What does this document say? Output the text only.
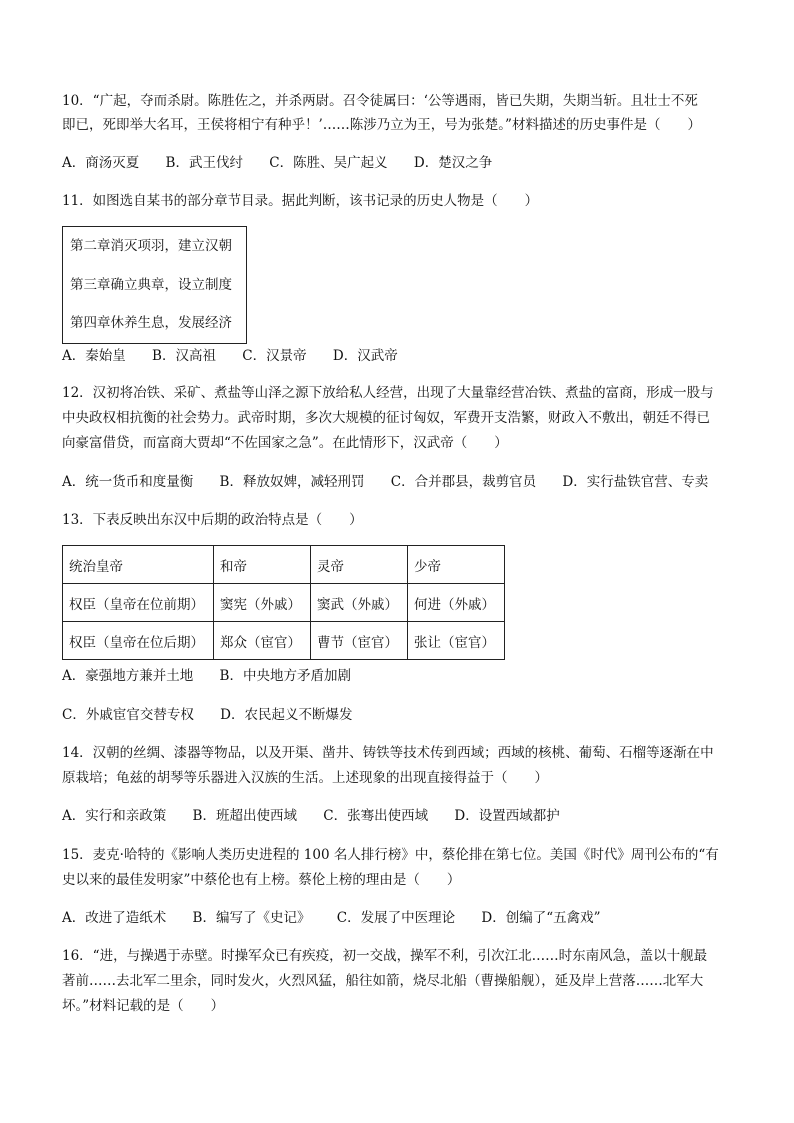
10．“广起，夺而杀尉。陈胜佐之，并杀两尉。召令徒属曰：‘公等遇雨，皆已失期，失期当斩。且壮士不死
即已，死即举大名耳，王侯将相宁有种乎！’……陈涉乃立为王，号为张楚。”材料描述的历史事件是（　　）
A．商汤灭夏 B．武王伐纣 C．陈胜、吴广起义 D．楚汉之争
11．如图选自某书的部分章节目录。据此判断，该书记录的历史人物是（　　）
第二章消灭项羽，建立汉朝
第三章确立典章，设立制度
第四章休养生息，发展经济
A．秦始皇 B．汉高祖 C．汉景帝 D．汉武帝
12．汉初将冶铁、采矿、煮盐等山泽之源下放给私人经营，出现了大量靠经营冶铁、煮盐的富商，形成一股与
中央政权相抗衡的社会势力。武帝时期，多次大规模的征讨匈奴，军费开支浩繁，财政入不敷出，朝廷不得已
向豪富借贷，而富商大贾却“不佐国家之急”。在此情形下，汉武帝（　　）
A．统一货币和度量衡 B．释放奴婢，减轻刑罚 C．合并郡县，裁剪官员 D．实行盐铁官营、专卖
13．下表反映出东汉中后期的政治特点是（　　）
统治皇帝	和帝	灵帝	少帝
权臣（皇帝在位前期）	窦宪（外戚）	窦武（外戚）	何进（外戚）
权臣（皇帝在位后期）	郑众（宦官）	曹节（宦官）	张让（宦官）
A．豪强地方兼并土地 B．中央地方矛盾加剧
C．外戚宦官交替专权 D．农民起义不断爆发
14．汉朝的丝绸、漆器等物品，以及开渠、凿井、铸铁等技术传到西域；西域的核桃、葡萄、石榴等逐渐在中
原栽培；龟兹的胡琴等乐器进入汉族的生活。上述现象的出现直接得益于（　　）
A．实行和亲政策 B．班超出使西域 C．张骞出使西域 D．设置西域都护
15．麦克·哈特的《影响人类历史进程的 100 名人排行榜》中，蔡伦排在第七位。美国《时代》周刊公布的“有
史以来的最佳发明家”中蔡伦也有上榜。蔡伦上榜的理由是（　　）
A．改进了造纸术 B．编写了《史记》 C．发展了中医理论 D．创编了“五禽戏”
16．“进，与操遇于赤壁。时操军众已有疾疫，初一交战，操军不利，引次江北……时东南风急，盖以十舰最
著前……去北军二里余，同时发火，火烈风猛，船往如箭，烧尽北船（曹操船舰），延及岸上营落……北军大
坏。”材料记载的是（　　）
